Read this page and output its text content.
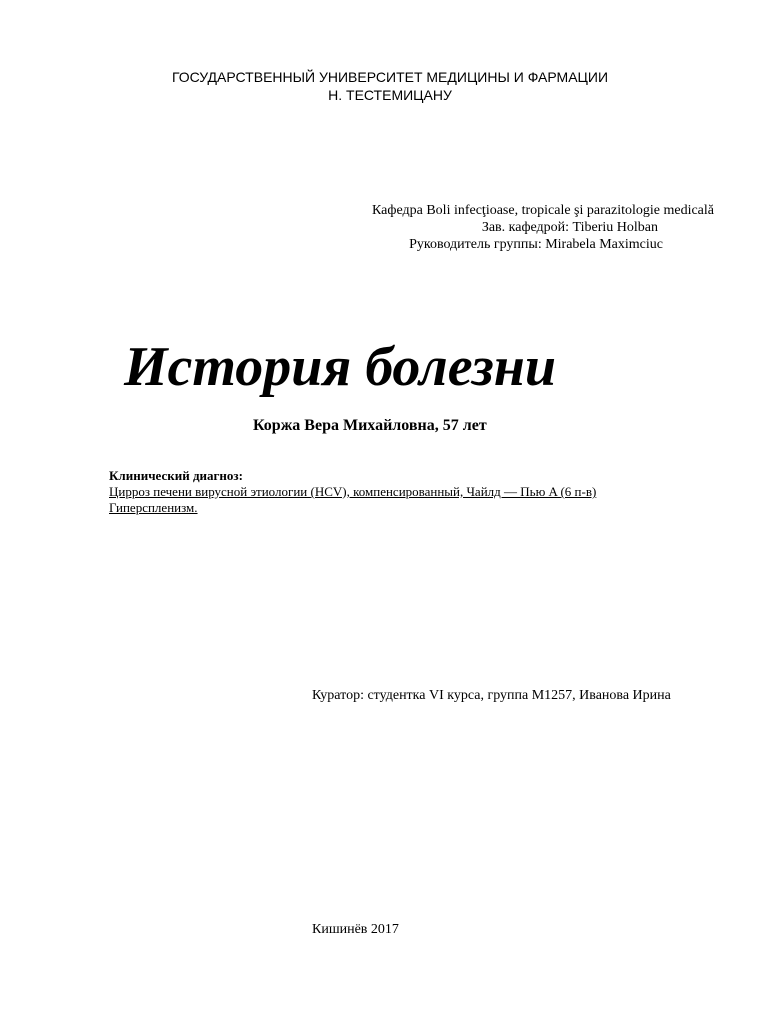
ГОСУДАРСТВЕННЫЙ УНИВЕРСИТЕТ МЕДИЦИНЫ И ФАРМАЦИИ
Н. ТЕСТЕМИЦАНУ
Кафедра Boli infecţioase, tropicale şi parazitologie medicală
Зав. кафедрой: Tiberiu Holban
Руководитель группы: Mirabela Maximciuc
История болезни
Коржа Вера Михайловна, 57 лет
Клинический диагноз:
Цирроз печени вирусной этиологии (HCV), компенсированный, Чайлд — Пью A (6 п-в)
Гиперспленизм.
Куратор: студентка VI курса, группа M1257, Иванова Ирина
Кишинёв 2017
